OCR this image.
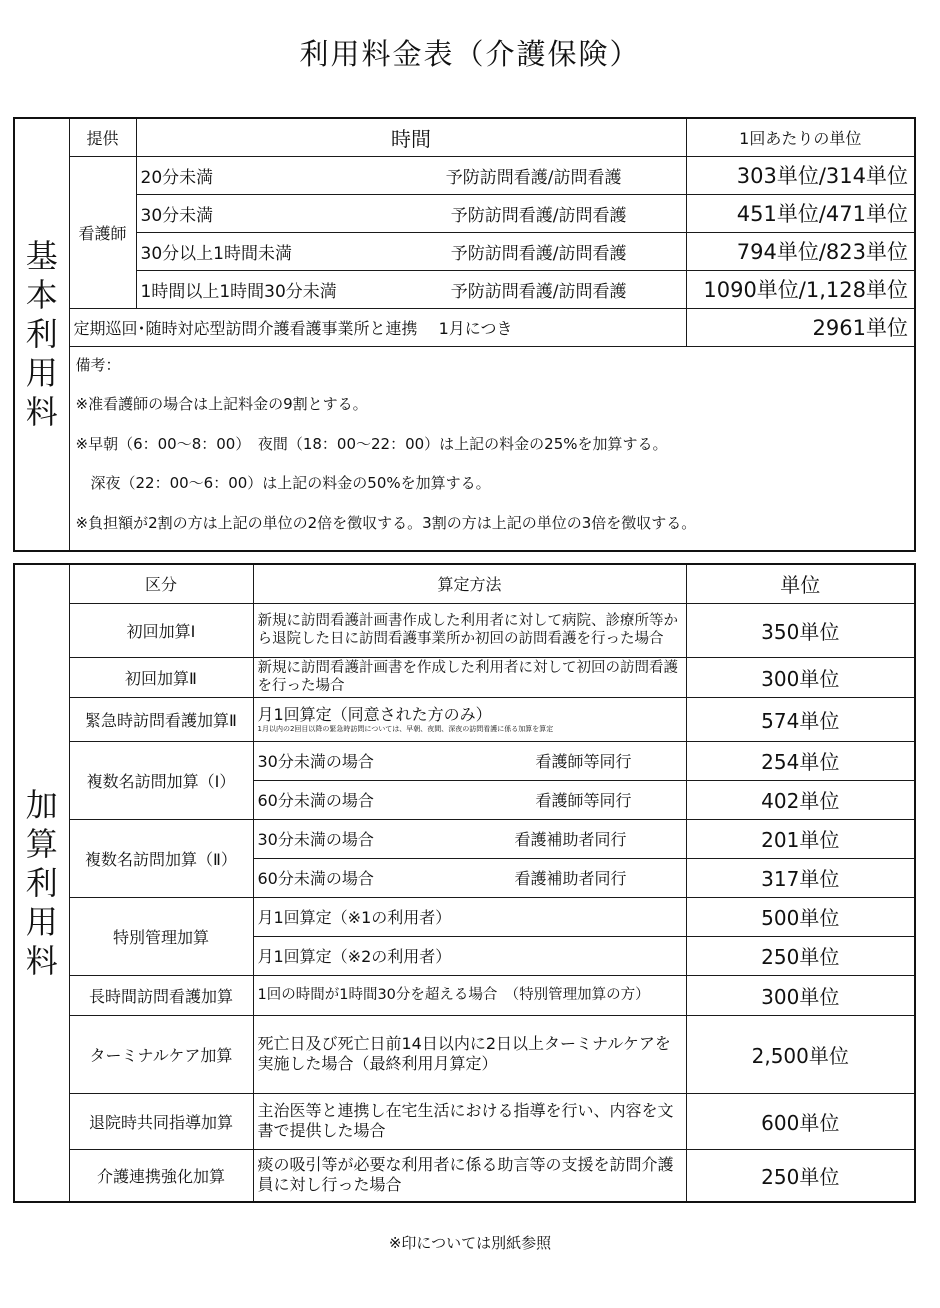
利用料金表（介護保険）
基
本
利
用
料	提供	時間	1回あたりの単位
	看護師	20分未満 予防訪問看護/訪問看護	303単位/314単位

		30分未満 予防訪問看護/訪問看護	451単位/471単位

		30分以上1時間未満 予防訪問看護/訪問看護	794単位/823単位

		1時間以上1時間30分未満 予防訪問看護/訪問看護	1090単位/1,128単位
	定期巡回･随時対応型訪問介護看護事業所と連携　 1月につき		2961単位

	備考：
※准看護師の場合は上記料金の9割とする。
※早朝（6：00～8：00）　夜間（18：00～22：00）は上記の料金の25%を加算する。
　深夜（22：00～6：00）は上記の料金の50%を加算する。
※負担額が2割の方は上記の単位の2倍を徴収する。3割の方は上記の単位の3倍を徴収する。		
加
算
利
用
料	区分	算定方法	単位
	初回加算Ⅰ	新規に訪問看護計画書作成した利用者に対して病院、診療所等から退院した日に訪問看護事業所か初回の訪問看護を行った場合	350単位
	初回加算Ⅱ	新規に訪問看護計画書を作成した利用者に対して初回の訪問看護を行った場合	300単位
	緊急時訪問看護加算Ⅱ	月1回算定（同意された方のみ）
1月以内の2回目以降の緊急時訪問については、早朝、夜間、深夜の訪問看護に係る加算を算定	574単位
	複数名訪問加算（Ⅰ）	30分未満の場合 看護師等同行	254単位

		60分未満の場合 看護師等同行	402単位
	複数名訪問加算（Ⅱ）	30分未満の場合 看護補助者同行	201単位

		60分未満の場合 看護補助者同行	317単位
	特別管理加算	月1回算定（※1の利用者）	500単位
		月1回算定（※2の利用者）	250単位
	長時間訪問看護加算	1回の時間が1時間30分を超える場合　（特別管理加算の方）	300単位
	ターミナルケア加算	死亡日及び死亡日前14日以内に2日以上ターミナルケアを実施した場合（最終利用月算定）	2,500単位
	退院時共同指導加算	主治医等と連携し在宅生活における指導を行い、内容を文書で提供した場合	600単位
	介護連携強化加算	痰の吸引等が必要な利用者に係る助言等の支援を訪問介護員に対し行った場合	250単位
※印については別紙参照
